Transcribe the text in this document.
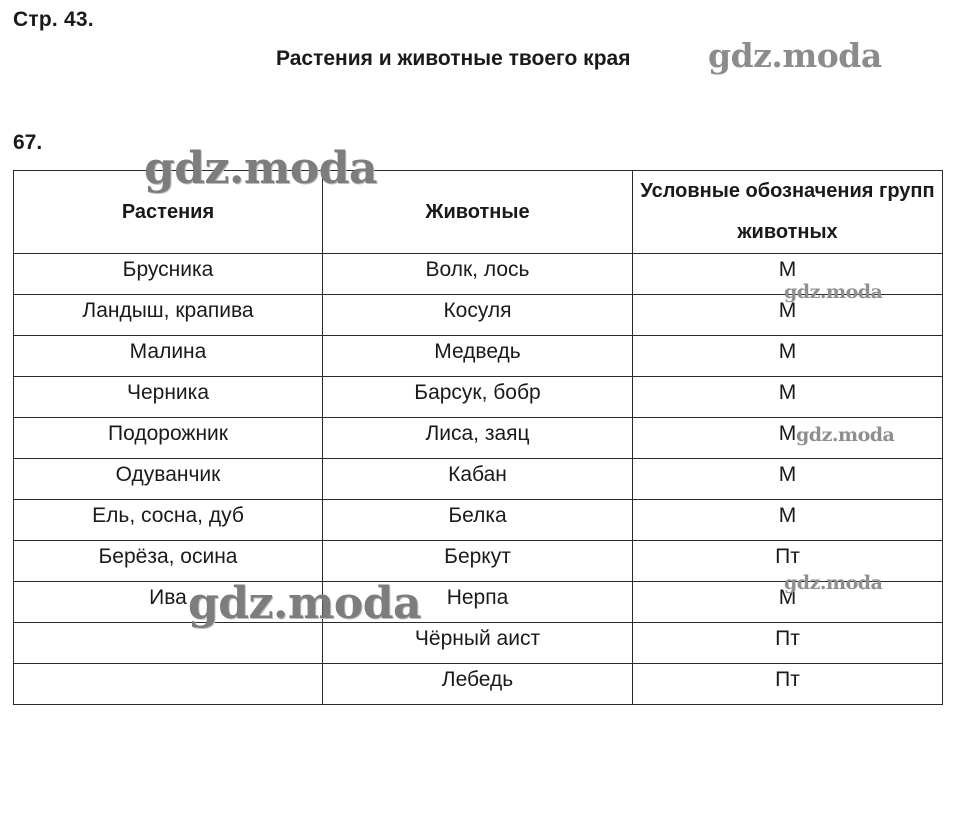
Стр. 43.
Растения и животные твоего края
67.
Растения	Животные	Условные обозначения групп животных
Брусника	Волк, лось	М
Ландыш, крапива	Косуля	М
Малина	Медведь	М
Черника	Барсук, бобр	М
Подорожник	Лиса, заяц	М
Одуванчик	Кабан	М
Ель, сосна, дуб	Белка	М
Берёза, осина	Беркут	Пт
Ива	Нерпа	М
	Чёрный аист	Пт
	Лебедь	Пт
gdz.moda
gdz.moda
gdz.moda
gdz.moda
gdz.moda
gdz.moda
